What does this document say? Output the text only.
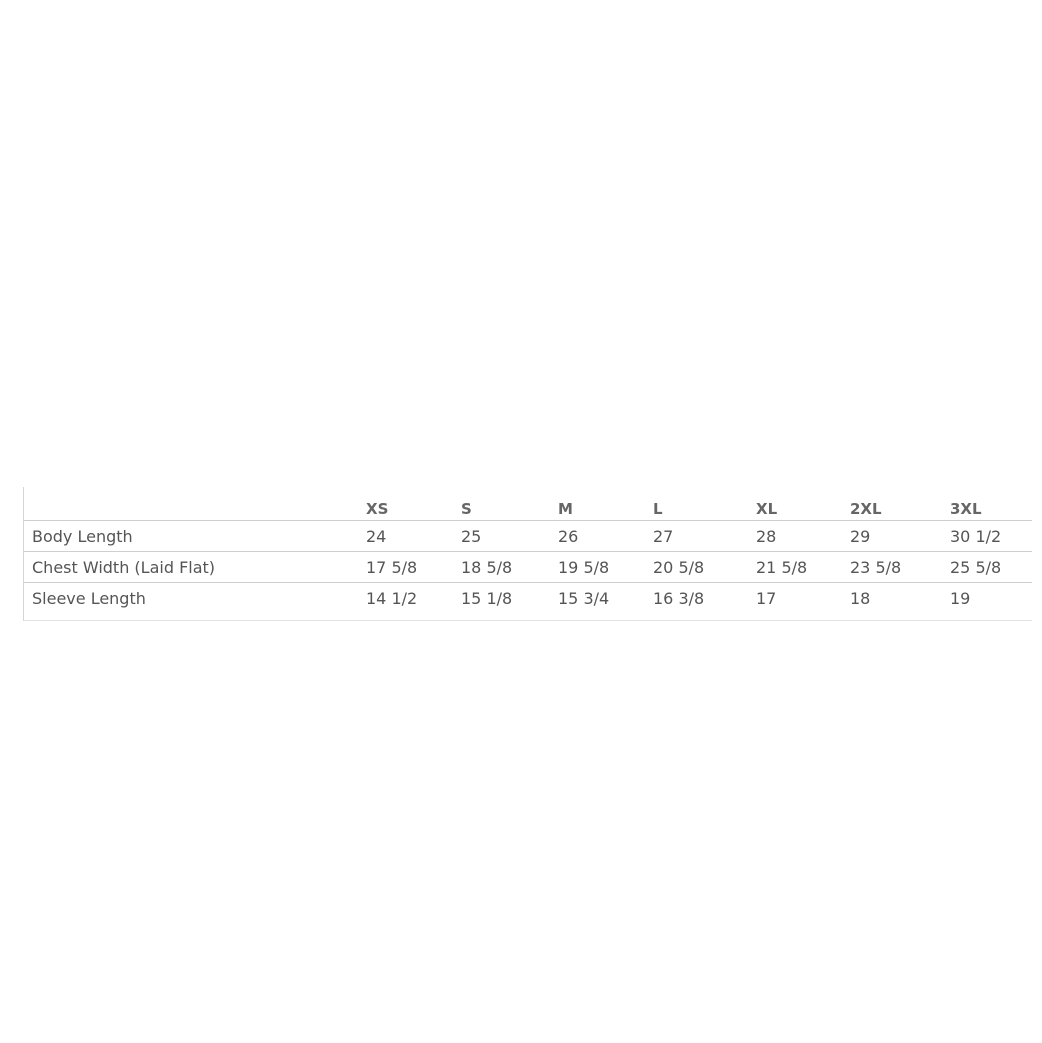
	XS	S	M	L	XL	2XL	3XL
Body Length	24	25	26	27	28	29	30 1/2
Chest Width (Laid Flat)	17 5/8	18 5/8	19 5/8	20 5/8	21 5/8	23 5/8	25 5/8
Sleeve Length	14 1/2	15 1/8	15 3/4	16 3/8	17	18	19
